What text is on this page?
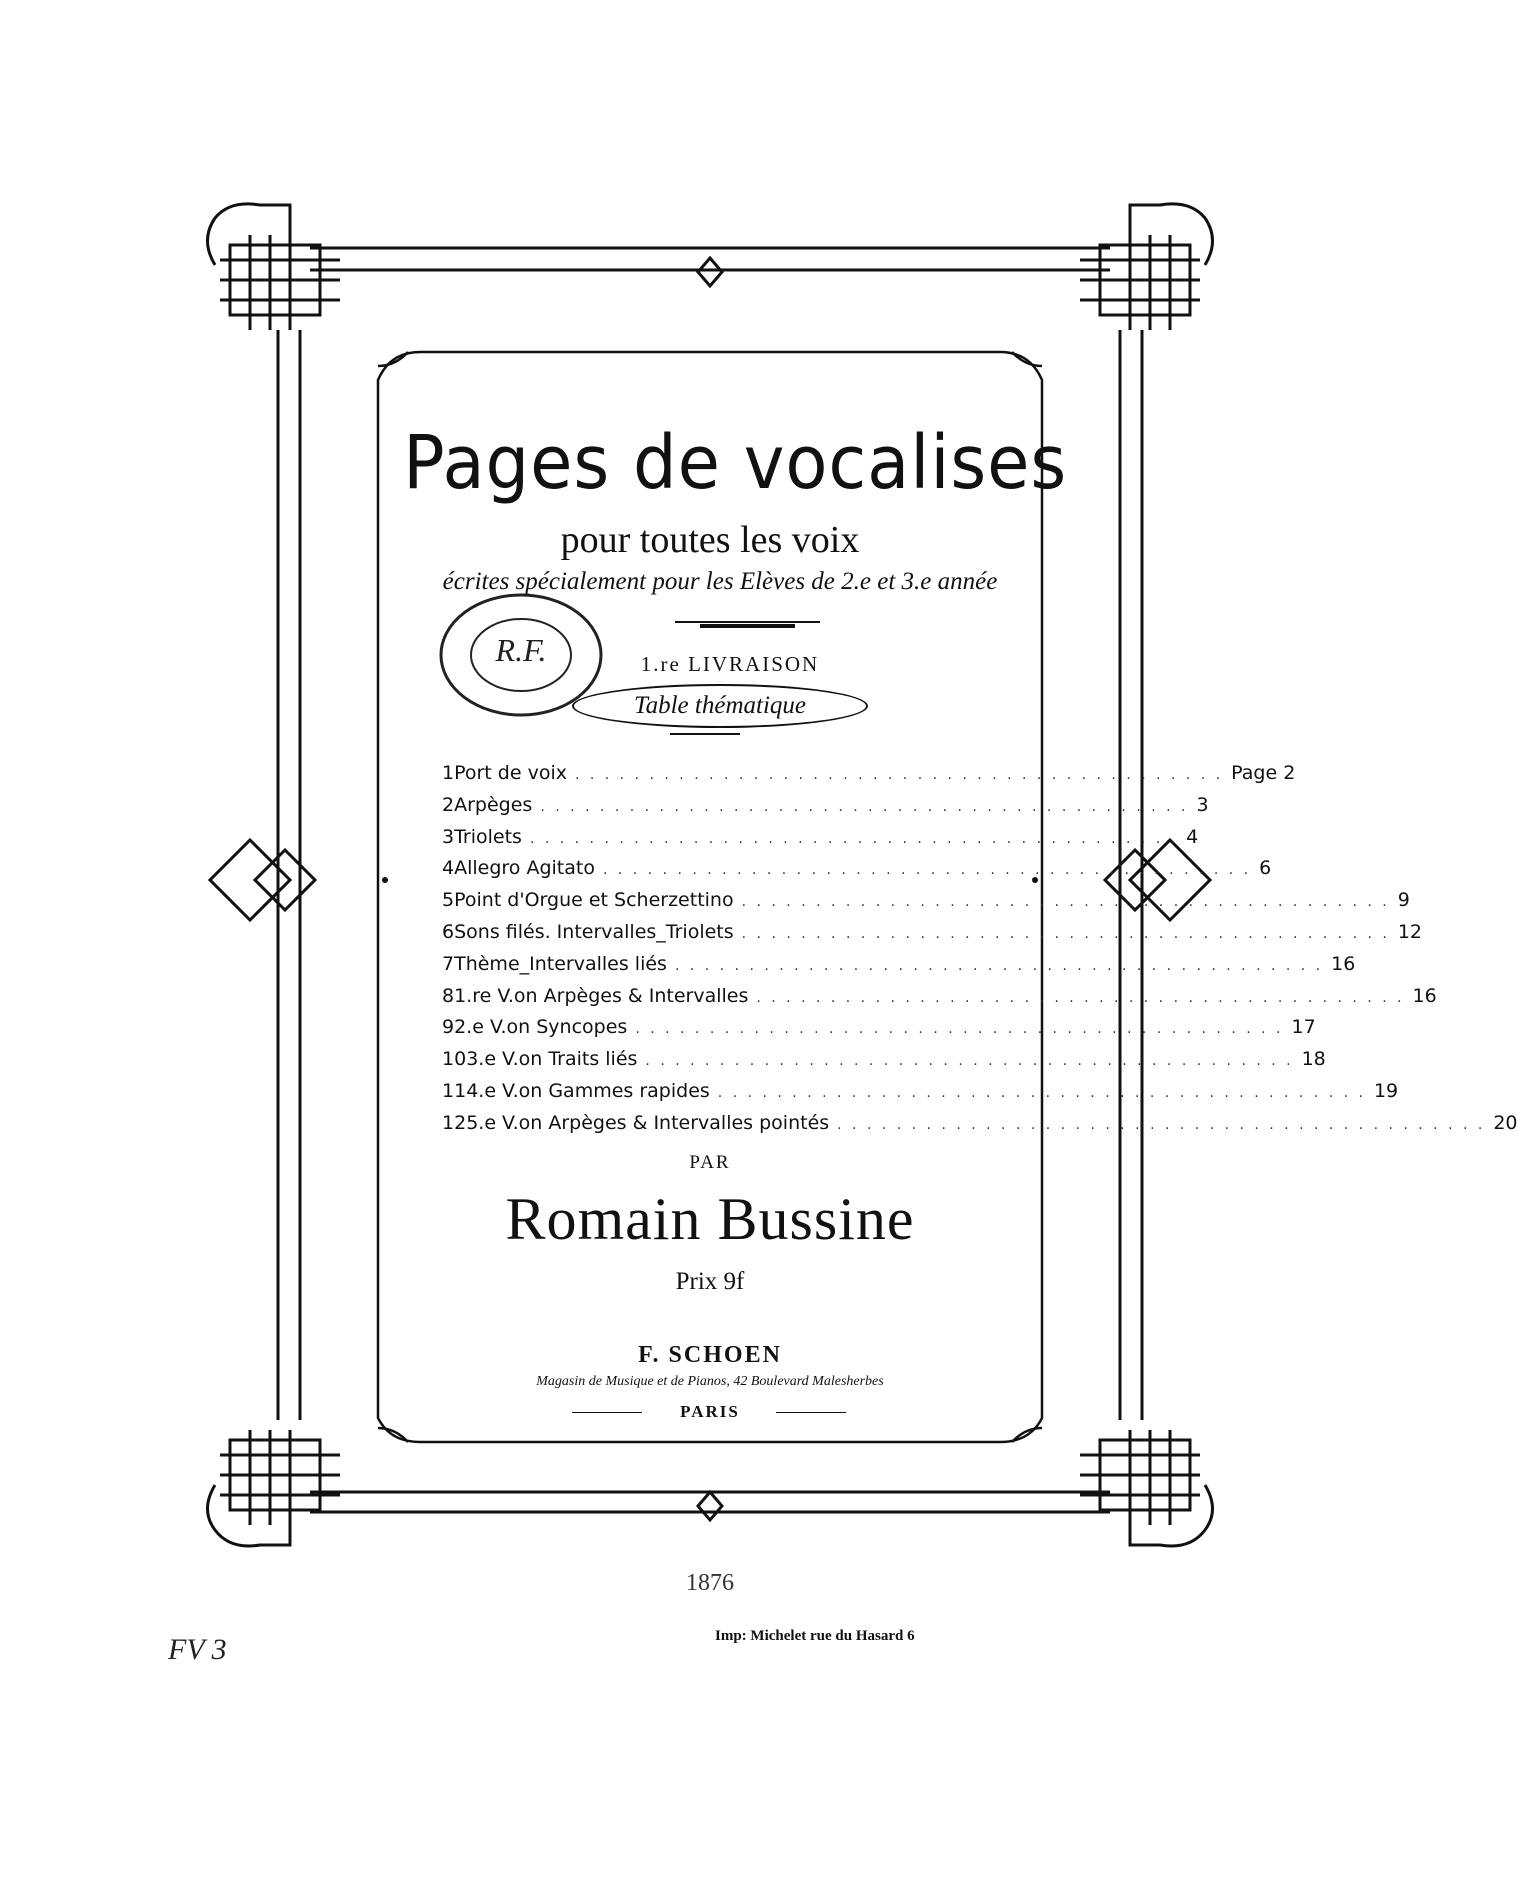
R.F.
Pages de vocalises
pour toutes les voix
écrites spécialement pour les Elèves de 2.e et 3.e année
1.re LIVRAISON
Table thématique
1 Port de voix . . . . . . . . . . . . . . . . . . . . . . . . . . . . . . . . . . . . . . . . . . . . Page 2
2 Arpèges . . . . . . . . . . . . . . . . . . . . . . . . . . . . . . . . . . . . . . . . . . . . 3
3 Triolets . . . . . . . . . . . . . . . . . . . . . . . . . . . . . . . . . . . . . . . . . . . . 4
4 Allegro Agitato . . . . . . . . . . . . . . . . . . . . . . . . . . . . . . . . . . . . . . . . . . . . 6
5 Point d'Orgue et Scherzettino . . . . . . . . . . . . . . . . . . . . . . . . . . . . . . . . . . . . . . . . . . . . 9
6 Sons filés. Intervalles_Triolets . . . . . . . . . . . . . . . . . . . . . . . . . . . . . . . . . . . . . . . . . . . . 12
7 Thème_Intervalles liés . . . . . . . . . . . . . . . . . . . . . . . . . . . . . . . . . . . . . . . . . . . . 16
8 1.re V.on Arpèges & Intervalles . . . . . . . . . . . . . . . . . . . . . . . . . . . . . . . . . . . . . . . . . . . . 16
9 2.e V.on Syncopes . . . . . . . . . . . . . . . . . . . . . . . . . . . . . . . . . . . . . . . . . . . . 17
10 3.e V.on Traits liés . . . . . . . . . . . . . . . . . . . . . . . . . . . . . . . . . . . . . . . . . . . . 18
11 4.e V.on Gammes rapides . . . . . . . . . . . . . . . . . . . . . . . . . . . . . . . . . . . . . . . . . . . . 19
12 5.e V.on Arpèges & Intervalles pointés . . . . . . . . . . . . . . . . . . . . . . . . . . . . . . . . . . . . . . . . . . . . 20
PAR
Romain Bussine
Prix 9f
F. SCHOEN
Magasin de Musique et de Pianos, 42 Boulevard Malesherbes
PARIS
1876
Imp: Michelet rue du Hasard 6
FV 3
